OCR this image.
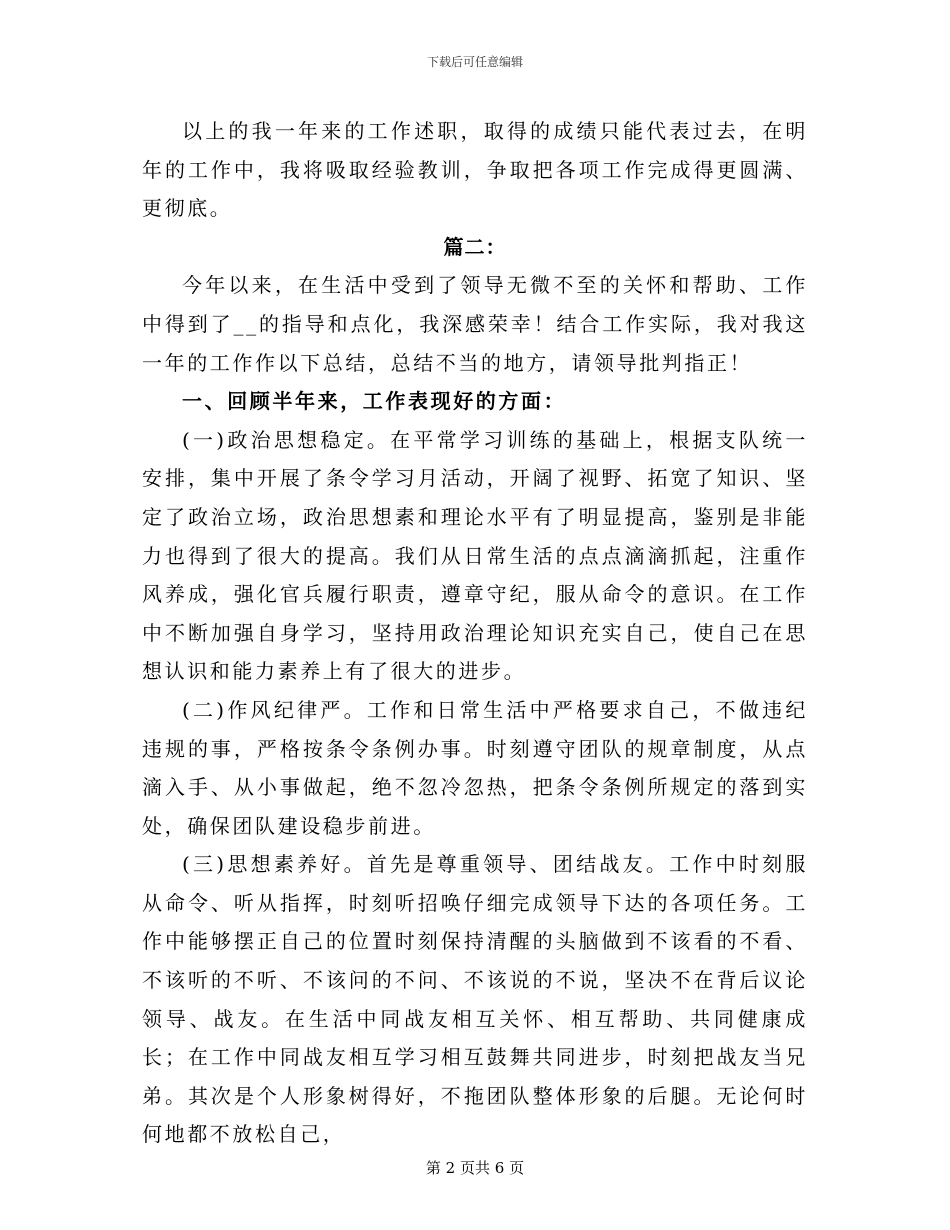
下载后可任意编辑

以上的我一年来的工作述职，取得的成绩只能代表过去，在明年的工作中，我将吸取经验教训，争取把各项工作完成得更圆满、更彻底。

篇二：

今年以来，在生活中受到了领导无微不至的关怀和帮助、工作中得到了__的指导和点化，我深感荣幸！结合工作实际，我对我这一年的工作作以下总结，总结不当的地方，请领导批判指正！

一、回顾半年来，工作表现好的方面：

(一)政治思想稳定。在平常学习训练的基础上，根据支队统一安排，集中开展了条令学习月活动，开阔了视野、拓宽了知识、坚定了政治立场，政治思想素和理论水平有了明显提高，鉴别是非能力也得到了很大的提高。我们从日常生活的点点滴滴抓起，注重作风养成，强化官兵履行职责，遵章守纪，服从命令的意识。在工作中不断加强自身学习，坚持用政治理论知识充实自己，使自己在思想认识和能力素养上有了很大的进步。

(二)作风纪律严。工作和日常生活中严格要求自己，不做违纪违规的事，严格按条令条例办事。时刻遵守团队的规章制度，从点滴入手、从小事做起，绝不忽冷忽热，把条令条例所规定的落到实处，确保团队建设稳步前进。

(三)思想素养好。首先是尊重领导、团结战友。工作中时刻服从命令、听从指挥，时刻听招唤仔细完成领导下达的各项任务。工作中能够摆正自己的位置时刻保持清醒的头脑做到不该看的不看、不该听的不听、不该问的不问、不该说的不说，坚决不在背后议论领导、战友。在生活中同战友相互关怀、相互帮助、共同健康成长；在工作中同战友相互学习相互鼓舞共同进步，时刻把战友当兄弟。其次是个人形象树得好，不拖团队整体形象的后腿。无论何时何地都不放松自己，

第 2 页共 6 页
